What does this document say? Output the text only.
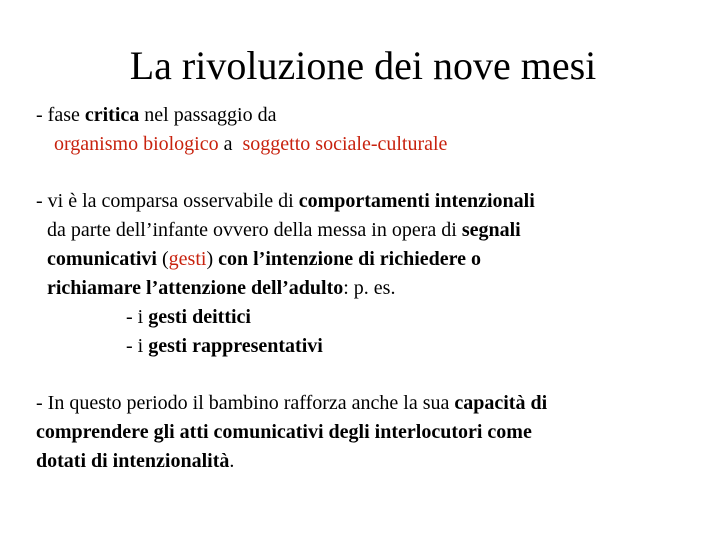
La rivoluzione dei nove mesi
- fase critica nel passaggio da
organismo biologico a  soggetto sociale-culturale
- vi è la comparsa osservabile di comportamenti intenzionali
da parte dell’infante ovvero della messa in opera di segnali
comunicativi (gesti) con l’intenzione di richiedere o
richiamare l’attenzione dell’adulto: p. es.
- i gesti deittici
- i gesti rappresentativi
- In questo periodo il bambino rafforza anche la sua capacità di
comprendere gli atti comunicativi degli interlocutori come
dotati di intenzionalità.
